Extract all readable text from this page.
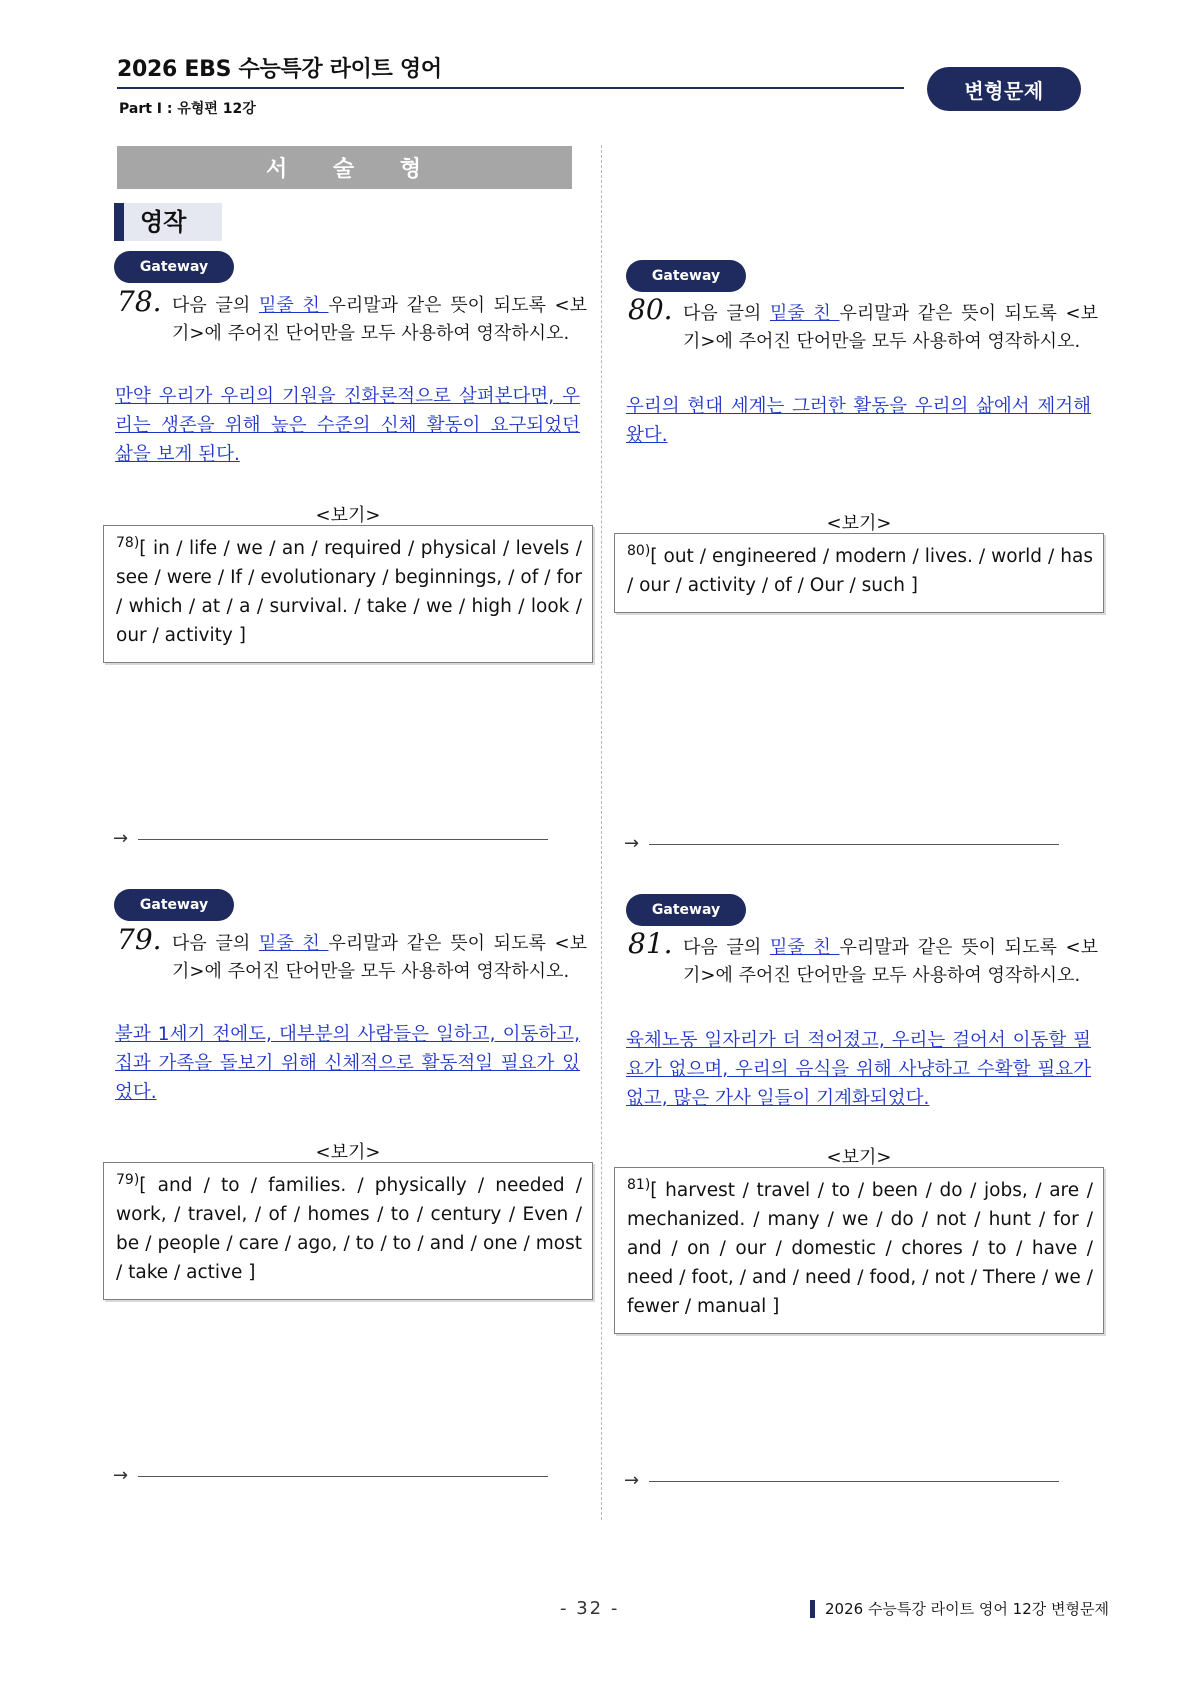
2026 EBS 수능특강 라이트 영어
Part Ⅰ : 유형편 12강
변형문제
서 술 형
영작
Gateway
78. 다음 글의 밑줄 친 우리말과 같은 뜻이 되도록 <보
기>에 주어진 단어만을 모두 사용하여 영작하시오.
만약 우리가 우리의 기원을 진화론적으로 살펴본다면, 우 리는 생존을 위해 높은 수준의 신체 활동이 요구되었던
삶을 보게 된다.
<보기>
$^{78)}$[ in / life / we / an / required / physical / levels / see / were / If / evolutionary / beginnings, / of / for / which / at / a / survival. / take / we / high / look / our / activity ]
→
Gateway
79. 다음 글의 밑줄 친 우리말과 같은 뜻이 되도록 <보
기>에 주어진 단어만을 모두 사용하여 영작하시오.
불과 1세기 전에도, 대부분의 사람들은 일하고, 이동하고, 집과 가족을 돌보기 위해 신체적으로 활동적일 필요가 있
었다.
<보기>
$^{79)}$[ and / to / families. / physically / needed / work, / travel, / of / homes / to / century / Even / be / people / care / ago, / to / to / and / one / most / take / active ]
→
Gateway
80. 다음 글의 밑줄 친 우리말과 같은 뜻이 되도록 <보
기>에 주어진 단어만을 모두 사용하여 영작하시오.
우리의 현대 세계는 그러한 활동을 우리의 삶에서 제거해
왔다.
<보기>
$^{80)}$[ out / engineered / modern / lives. / world / has / our / activity / of / Our / such ]
→
Gateway
81. 다음 글의 밑줄 친 우리말과 같은 뜻이 되도록 <보
기>에 주어진 단어만을 모두 사용하여 영작하시오.
육체노동 일자리가 더 적어졌고, 우리는 걸어서 이동할 필 요가 없으며, 우리의 음식을 위해 사냥하고 수확할 필요가
없고, 많은 가사 일들이 기계화되었다.
<보기>
$^{81)}$[ harvest / travel / to / been / do / jobs, / are / mechanized. / many / we / do / not / hunt / for / and / on / our / domestic / chores / to / have / need / foot, / and / need / food, / not / There / we / fewer / manual ]
→
- 32 -	2026 수능특강 라이트 영어 12강 변형문제
